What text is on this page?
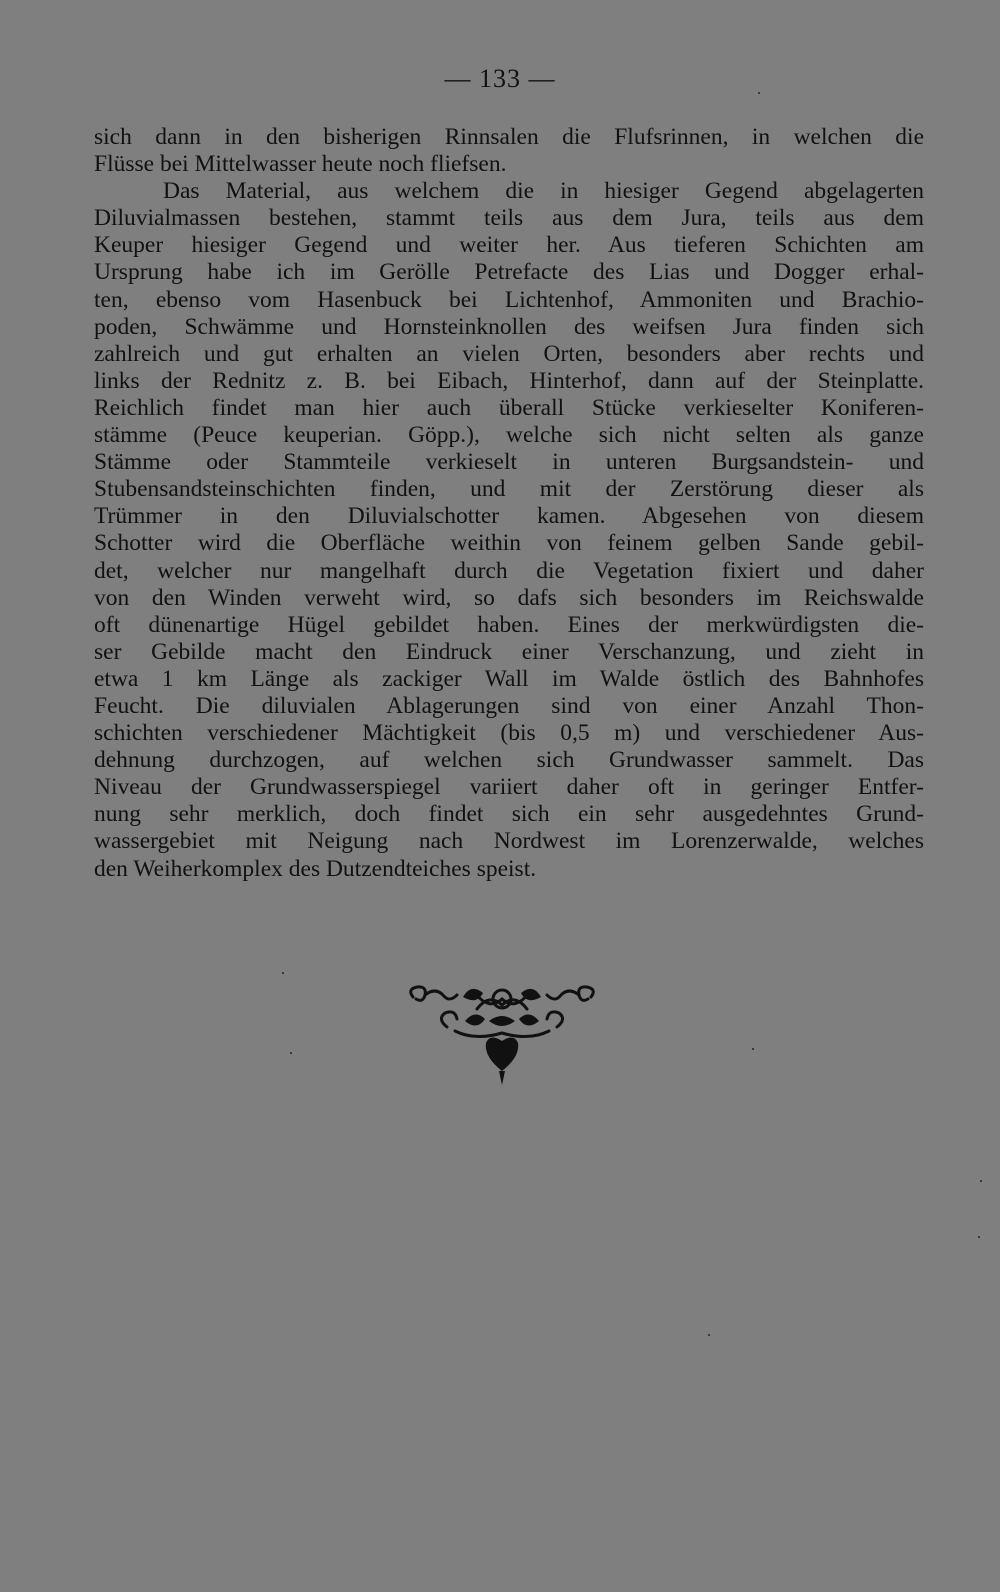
— 133 —
sich dann in den bisherigen Rinnsalen die Flufsrinnen, in welchen die
Flüsse bei Mittelwasser heute noch fliefsen.
Das Material, aus welchem die in hiesiger Gegend abgelagerten
Diluvialmassen bestehen, stammt teils aus dem Jura, teils aus dem
Keuper hiesiger Gegend und weiter her. Aus tieferen Schichten am
Ursprung habe ich im Gerölle Petrefacte des Lias und Dogger erhal-
ten, ebenso vom Hasenbuck bei Lichtenhof, Ammoniten und Brachio-
poden, Schwämme und Hornsteinknollen des weifsen Jura finden sich
zahlreich und gut erhalten an vielen Orten, besonders aber rechts und
links der Rednitz z. B. bei Eibach, Hinterhof, dann auf der Steinplatte.
Reichlich findet man hier auch überall Stücke verkieselter Koniferen-
stämme (Peuce keuperian. Göpp.), welche sich nicht selten als ganze
Stämme oder Stammteile verkieselt in unteren Burgsandstein- und
Stubensandsteinschichten finden, und mit der Zerstörung dieser als
Trümmer in den Diluvialschotter kamen. Abgesehen von diesem
Schotter wird die Oberfläche weithin von feinem gelben Sande gebil-
det, welcher nur mangelhaft durch die Vegetation fixiert und daher
von den Winden verweht wird, so dafs sich besonders im Reichswalde
oft dünenartige Hügel gebildet haben. Eines der merkwürdigsten die-
ser Gebilde macht den Eindruck einer Verschanzung, und zieht in
etwa 1 km Länge als zackiger Wall im Walde östlich des Bahnhofes
Feucht. Die diluvialen Ablagerungen sind von einer Anzahl Thon-
schichten verschiedener Mächtigkeit (bis 0,5 m) und verschiedener Aus-
dehnung durchzogen, auf welchen sich Grundwasser sammelt. Das
Niveau der Grundwasserspiegel variiert daher oft in geringer Entfer-
nung sehr merklich, doch findet sich ein sehr ausgedehntes Grund-
wassergebiet mit Neigung nach Nordwest im Lorenzerwalde, welches
den Weiherkomplex des Dutzendteiches speist.
